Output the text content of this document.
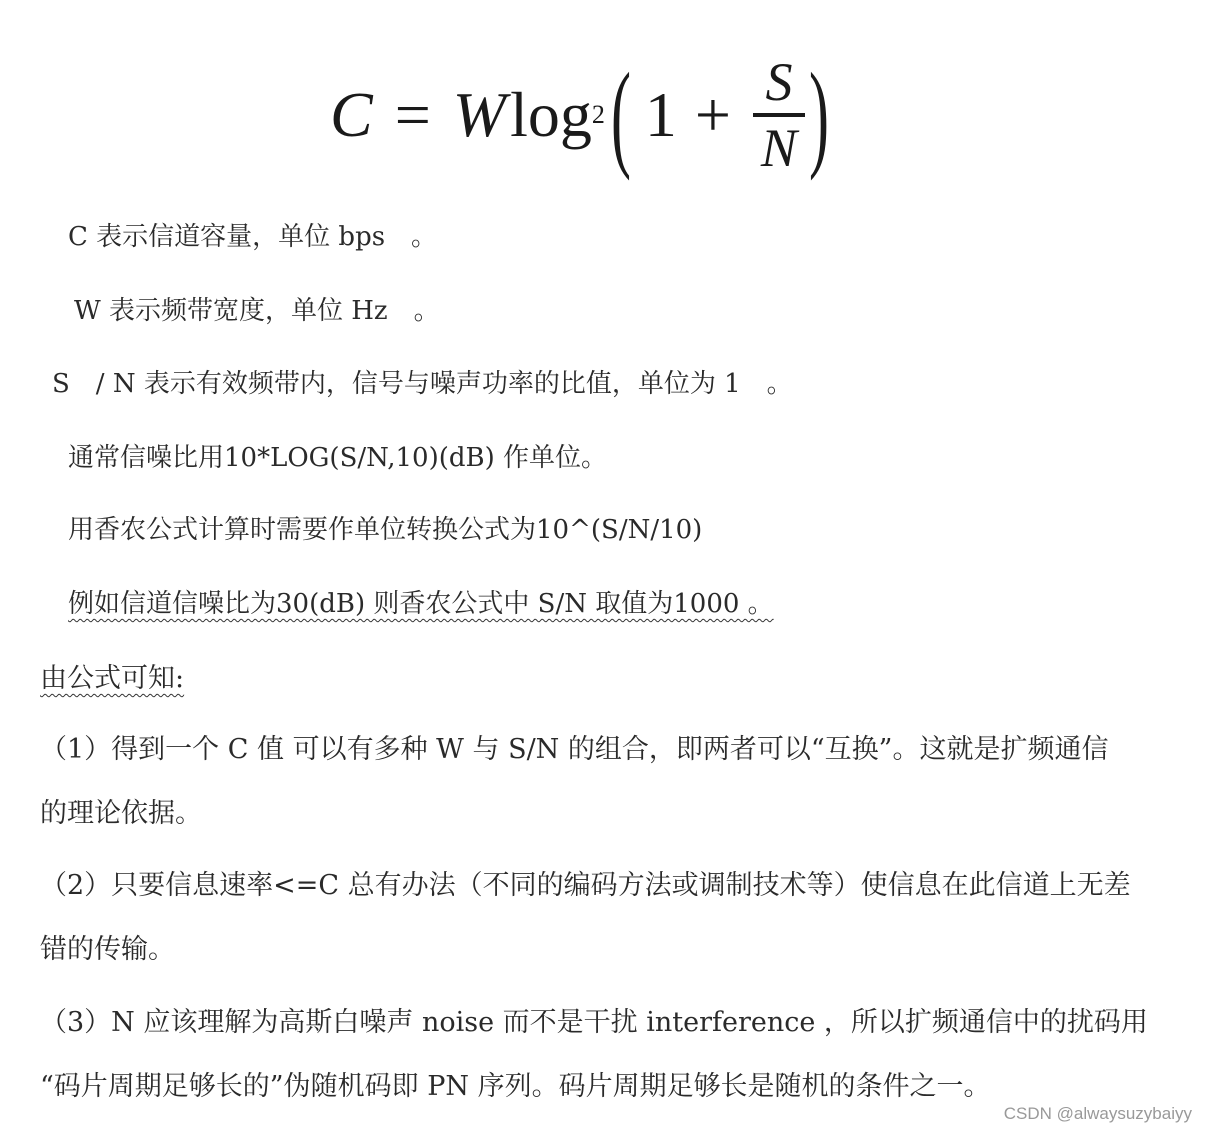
C = W log 2 ( $1 + \frac{S}{N}$ )
C 表示信道容量，单位 bps　。
W 表示频带宽度，单位 Hz　。
S　/ N 表示有效频带内，信号与噪声功率的比值，单位为 1　。
通常信噪比用10*LOG(S/N,10)(dB) 作单位。
用香农公式计算时需要作单位转换公式为10^(S/N/10)
例如信道信噪比为30(dB) 则香农公式中 S/N 取值为1000 。
由公式可知:
（1）得到一个 C 值 可以有多种 W 与 S/N 的组合，即两者可以“互换”。这就是扩频通信
的理论依据。
（2）只要信息速率<=C 总有办法（不同的编码方法或调制技术等）使信息在此信道上无差
错的传输。
（3）N 应该理解为高斯白噪声 noise 而不是干扰 interference ，所以扩频通信中的扰码用
“码片周期足够长的”伪随机码即 PN 序列。码片周期足够长是随机的条件之一。
CSDN @alwaysuzybaiyy
